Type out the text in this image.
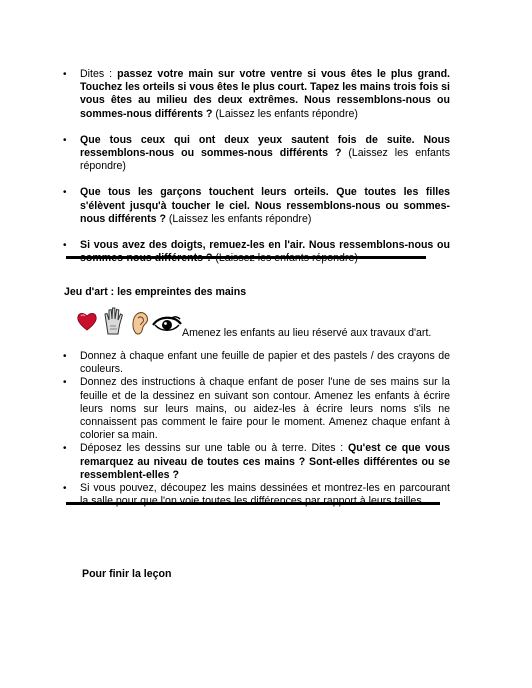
• Dites : passez votre main sur votre ventre si vous êtes le plus grand. Touchez les orteils si vous êtes le plus court. Tapez les mains trois fois si vous êtes au milieu des deux extrêmes. Nous ressemblons-nous ou sommes-nous différents ? (Laissez les enfants répondre)
• Que tous ceux qui ont deux yeux sautent fois de suite. Nous ressemblons-nous ou sommes-nous différents ? (Laissez les enfants répondre)
• Que tous les garçons touchent leurs orteils. Que toutes les filles s'élèvent jusqu'à toucher le ciel. Nous ressemblons-nous ou sommes-nous différents ? (Laissez les enfants répondre)
• Si vous avez des doigts, remuez-les en l'air. Nous ressemblons-nous ou
Jeu d'art : les empreintes des mains
Amenez les enfants au lieu réservé aux travaux d'art.
• Donnez à chaque enfant une feuille de papier et des pastels / des crayons de couleurs.
• Donnez des instructions à chaque enfant de poser l'une de ses mains sur la feuille et de la dessinez en suivant son contour. Amenez les enfants à écrire leurs noms sur leurs mains, ou aidez-les à écrire leurs noms s'ils ne connaissent pas comment le faire pour le moment. Amenez chaque enfant à colorier sa main.
• Déposez les dessins sur une table ou à terre. Dites : Qu'est ce que vous remarquez au niveau de toutes ces mains ? Sont-elles différentes ou se ressemblent-elles ?
• Si vous pouvez, découpez les mains dessinées et montrez-les en parcourant
Pour finir la leçon
